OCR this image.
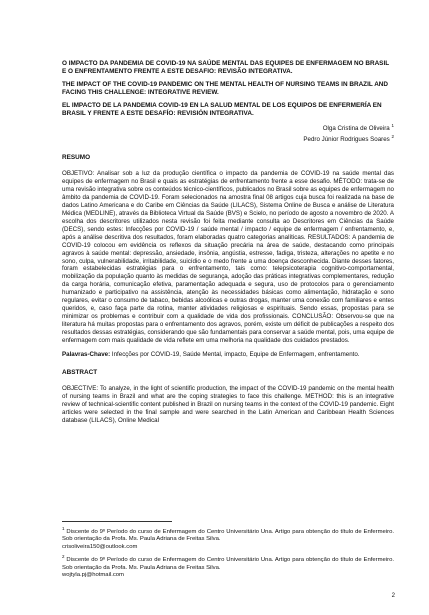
O IMPACTO DA PANDEMIA DE COVID-19 NA SAÚDE MENTAL DAS EQUIPES DE ENFERMAGEM NO BRASIL E O ENFRENTAMENTO FRENTE A ESTE DESAFIO: REVISÃO INTEGRATIVA.

THE IMPACT OF THE COVID-19 PANDEMIC ON THE MENTAL HEALTH OF NURSING TEAMS IN BRAZIL AND FACING THIS CHALLENGE: INTEGRATIVE REVIEW.

EL IMPACTO DE LA PANDEMIA COVID-19 EN LA SALUD MENTAL DE LOS EQUIPOS DE ENFERMERÍA EN BRASIL Y FRENTE A ESTE DESAFÍO: REVISIÓN INTEGRATIVA.

Olga Cristina de Oliveira $^1$
Pedro Júnior Rodrigues Soares $^2$
RESUMO

OBJETIVO: Analisar sob a luz da produção científica o impacto da pandemia de COVID-19 na saúde mental das equipes de enfermagem no Brasil e quais as estratégias de enfrentamento frente a esse desafio. MÉTODO: trata-se de uma revisão integrativa sobre os conteúdos técnico-científicos, publicados no Brasil sobre as equipes de enfermagem no âmbito da pandemia de COVID-19. Foram selecionados na amostra final 08 artigos cuja busca foi realizada na base de dados Latino Americana e do Caribe em Ciências da Saúde (LILACS), Sistema Online de Busca e análise de Literatura Médica (MEDLINE), através da Biblioteca Virtual da Saúde (BVS) e Scielo, no período de agosto a novembro de 2020. A escolha dos descritores utilizados nesta revisão foi feita mediante consulta ao Descritores em Ciências da Saúde (DECS), sendo estes: Infecções por COVID-19 / saúde mental / impacto / equipe de enfermagem / enfrentamento, e, após a análise descritiva dos resultados, foram elaboradas quatro categorias analíticas. RESULTADOS: A pandemia de COVID-19 colocou em evidência os reflexos da situação precária na área de saúde, destacando como principais agravos à saúde mental: depressão, ansiedade, insônia, angústia, estresse, fadiga, tristeza, alterações no apetite e no sono, culpa, vulnerabilidade, irritabilidade, suicídio e o medo frente a uma doença desconhecida. Diante desses fatores, foram estabelecidas estratégias para o enfrentamento, tais como: telepsicoterapia cognitivo-comportamental, mobilização da população quanto às medidas de segurança, adoção das práticas integrativas complementares, redução da carga horária, comunicação efetiva, paramentação adequada e segura, uso de protocolos para o gerenciamento humanizado e participativo na assistência, atenção às necessidades básicas como alimentação, hidratação e sono regulares, evitar o consumo de tabaco, bebidas alcoólicas e outras drogas, manter uma conexão com familiares e entes queridos, e, caso faça parte da rotina, manter atividades religiosas e espirituais. Sendo essas, propostas para se minimizar os problemas e contribuir com a qualidade de vida dos profissionais. CONCLUSÃO: Observou-se que na literatura há muitas propostas para o enfrentamento dos agravos, porém, existe um déficit de publicações a respeito dos resultados dessas estratégias, considerando que são fundamentais para conservar a saúde mental, pois, uma equipe de enfermagem com mais qualidade de vida reflete em uma melhoria na qualidade dos cuidados prestados.

Palavras-Chave: Infecções por COVID-19, Saúde Mental, impacto, Equipe de Enfermagem, enfrentamento.

ABSTRACT

OBJECTIVE: To analyze, in the light of scientific production, the impact of the COVID-19 pandemic on the mental health of nursing teams in Brazil and what are the coping strategies to face this challenge. METHOD: this is an integrative review of technical-scientific content published in Brazil on nursing teams in the context of the COVID-19 pandemic. Eight articles were selected in the final sample and were searched in the Latin American and Caribbean Health Sciences database (LILACS), Online Medical

$^1$ Discente do 9º Período do curso de Enfermagem do Centro Universitário Una. Artigo para obtenção do título de Enfermeiro. Sob orientação da Profa. Ms. Paula Adriana de Freitas Silva.
crisoliveira150@outlook.com

$^2$ Discente do 9º Período do curso de Enfermagem do Centro Universitário Una. Artigo para obtenção do título de Enfermeiro. Sob orientação da Profa. Ms. Paula Adriana de Freitas Silva.
wojtyla.pj@hotmail.com

2
